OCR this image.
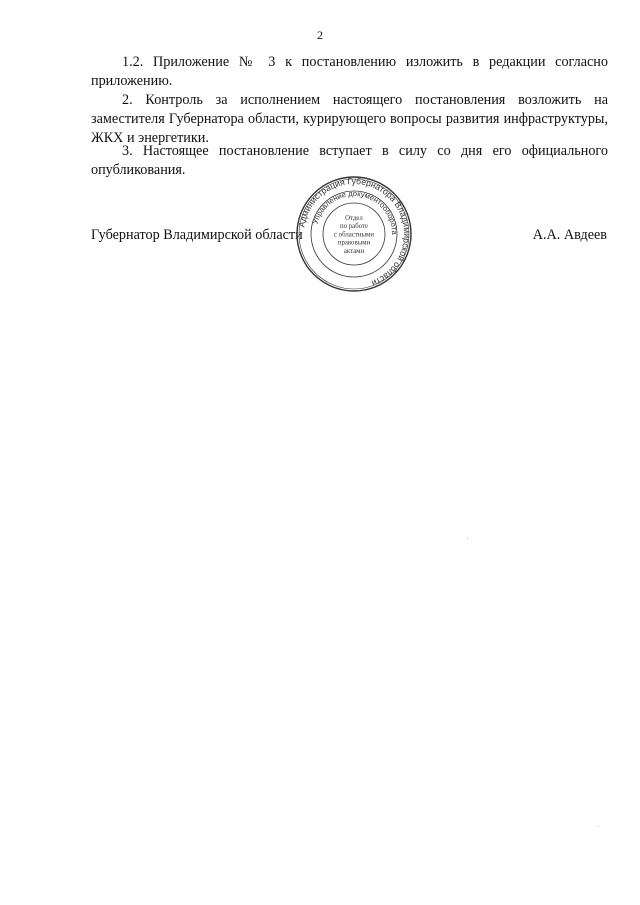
2

1.2. Приложение № 3 к постановлению изложить в редакции согласно приложению.

2. Контроль за исполнением настоящего постановления возложить на заместителя Губернатора области, курирующего вопросы развития инфраструктуры, ЖКХ и энергетики.

3. Настоящее постановление вступает в силу со дня его официального опубликования.

Губернатор Владимирской области	А.А. Авдеев
Администрация Губернатора Владимирской области
Управление документооборота
Отдел
по работе
с областными
правовыми
актами
